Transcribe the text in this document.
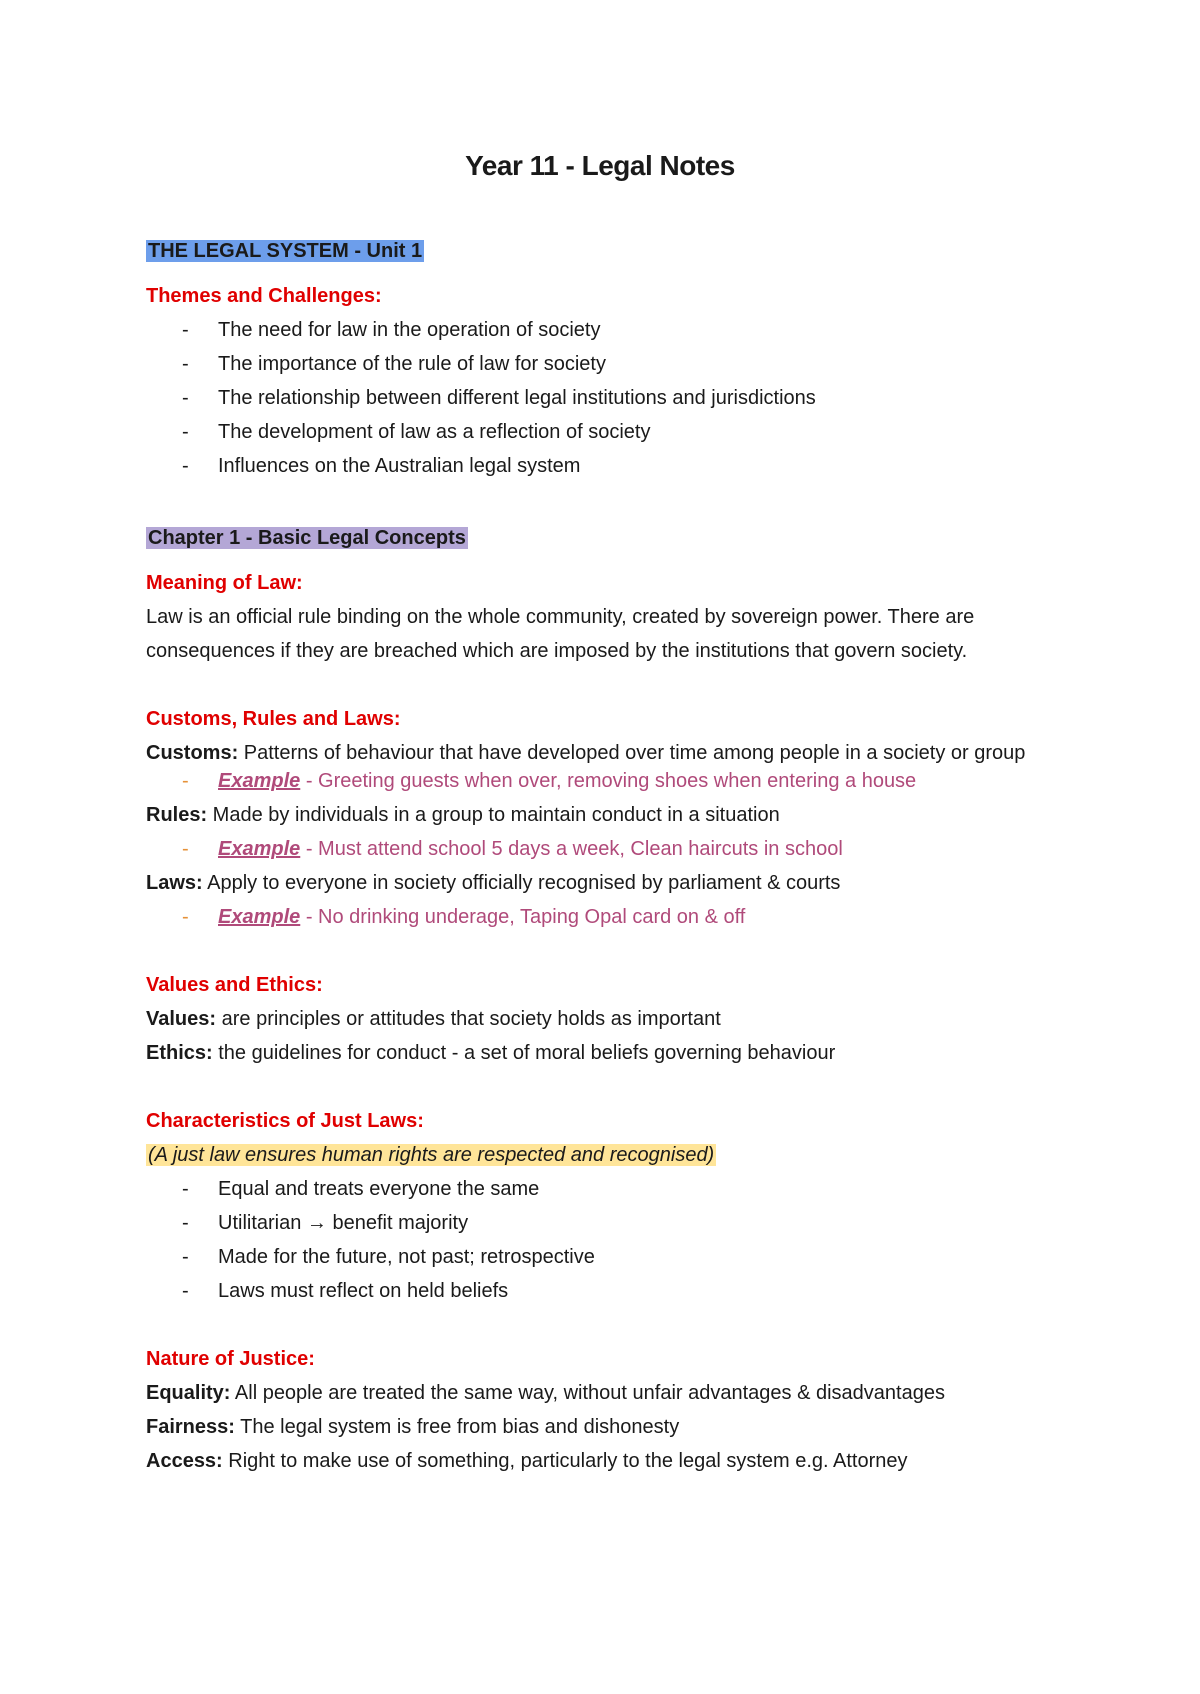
Year 11 - Legal Notes
THE LEGAL SYSTEM - Unit 1
Themes and Challenges:
- The need for law in the operation of society
- The importance of the rule of law for society
- The relationship between different legal institutions and jurisdictions
- The development of law as a reflection of society
- Influences on the Australian legal system
Chapter 1 - Basic Legal Concepts
Meaning of Law:
Law is an official rule binding on the whole community, created by sovereign power. There are
consequences if they are breached which are imposed by the institutions that govern society.
Customs, Rules and Laws:
Customs: Patterns of behaviour that have developed over time among people in a society or group
- Example - Greeting guests when over, removing shoes when entering a house
Rules: Made by individuals in a group to maintain conduct in a situation
- Example - Must attend school 5 days a week, Clean haircuts in school
Laws: Apply to everyone in society officially recognised by parliament & courts
- Example - No drinking underage, Taping Opal card on & off
Values and Ethics:
Values: are principles or attitudes that society holds as important
Ethics: the guidelines for conduct - a set of moral beliefs governing behaviour
Characteristics of Just Laws:
(A just law ensures human rights are respected and recognised)
- Equal and treats everyone the same
- Utilitarian → benefit majority
- Made for the future, not past; retrospective
- Laws must reflect on held beliefs
Nature of Justice:
Equality: All people are treated the same way, without unfair advantages & disadvantages
Fairness: The legal system is free from bias and dishonesty
Access: Right to make use of something, particularly to the legal system e.g. Attorney
